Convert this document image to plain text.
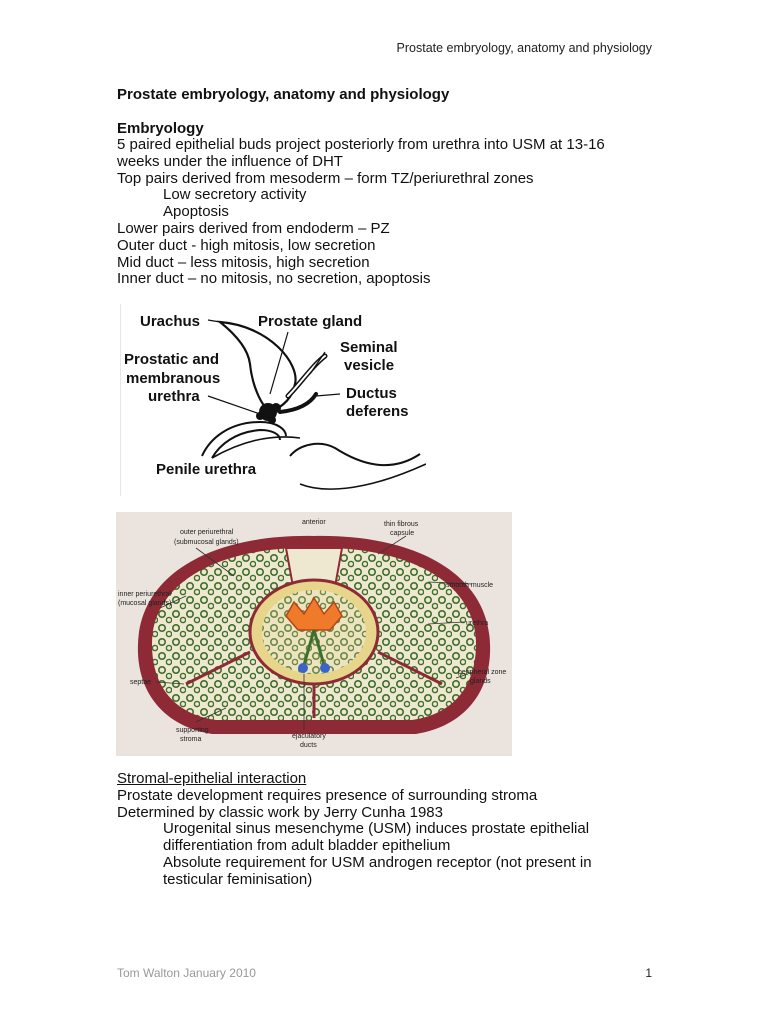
Prostate embryology, anatomy and physiology
Prostate embryology, anatomy and physiology
Embryology
5 paired epithelial buds project posteriorly from urethra into USM at 13-16
weeks under the influence of DHT
Top pairs derived from mesoderm – form TZ/periurethral zones
Low secretory activity
Apoptosis
Lower pairs derived from endoderm – PZ
Outer duct - high mitosis, low secretion
Mid duct – less mitosis, high secretion
Inner duct – no mitosis, no secretion, apoptosis
Urachus	Prostate gland
Seminal
vesicle
Prostatic and
membranous
urethra	Ductus
deferens
Penile urethra
anterior
outer periurethral
(submucosal glands)
thin fibrous
capsule
smooth muscle
inner periurethral
(mucosal glands)
urethra
septae
peripheral zone
glands
supporting
stroma	ejaculatory
ducts
Stromal-epithelial interaction
Prostate development requires presence of surrounding stroma
Determined by classic work by Jerry Cunha 1983
Urogenital sinus mesenchyme (USM) induces prostate epithelial
differentiation from adult bladder epithelium
Absolute requirement for USM androgen receptor (not present in
testicular feminisation)
Tom Walton January 2010	1
